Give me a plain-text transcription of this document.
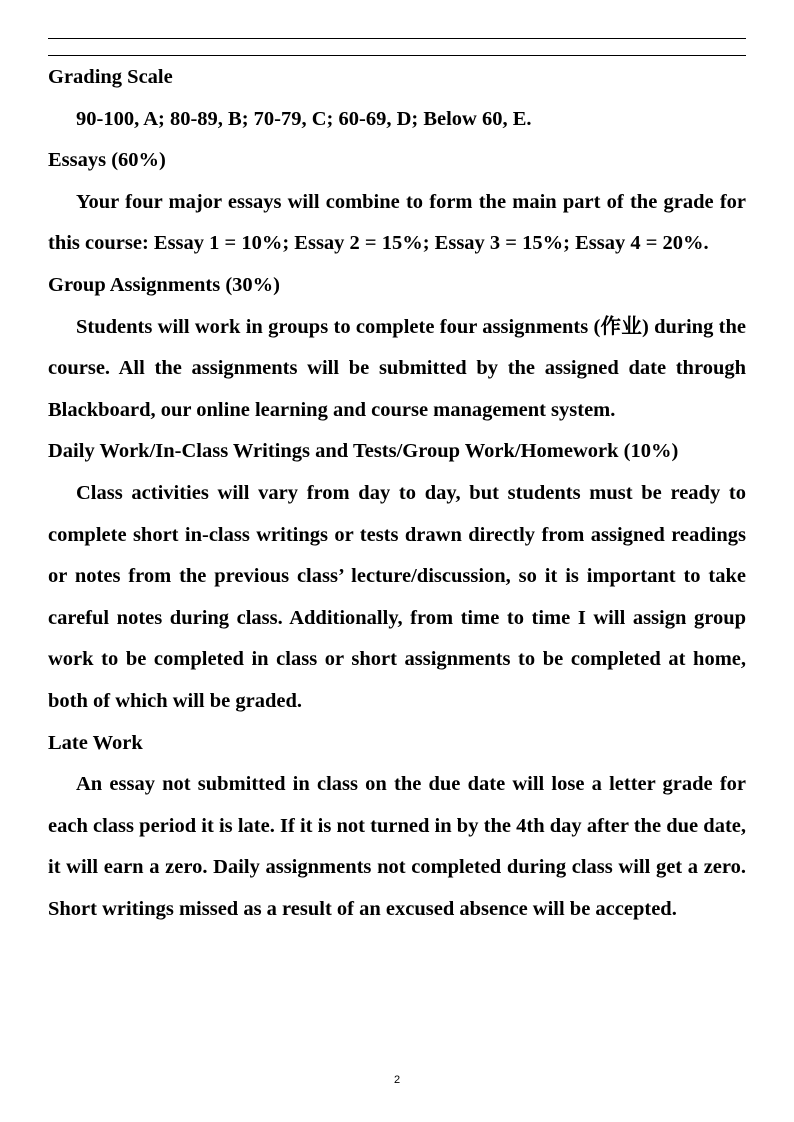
Grading Scale

90-100, A; 80-89, B; 70-79, C; 60-69, D; Below 60, E.

Essays (60%)

Your four major essays will combine to form the main part of the grade for this course: Essay 1 = 10%; Essay 2 = 15%; Essay 3 = 15%; Essay 4 = 20%.

Group Assignments (30%)

Students will work in groups to complete four assignments (作业) during the course. All the assignments will be submitted by the assigned date through Blackboard, our online learning and course management system.

Daily Work/In-Class Writings and Tests/Group Work/Homework (10%)

Class activities will vary from day to day, but students must be ready to complete short in-class writings or tests drawn directly from assigned readings or notes from the previous class’ lecture/discussion, so it is important to take careful notes during class. Additionally, from time to time I will assign group work to be completed in class or short assignments to be completed at home, both of which will be graded.

Late Work

An essay not submitted in class on the due date will lose a letter grade for each class period it is late. If it is not turned in by the 4th day after the due date, it will earn a zero. Daily assignments not completed during class will get a zero. Short writings missed as a result of an excused absence will be accepted.

2
